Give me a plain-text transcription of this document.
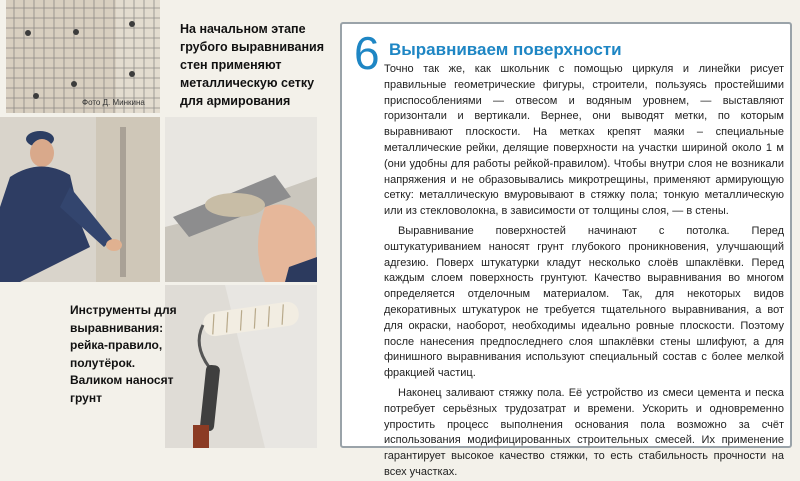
Фото Д. Минкина
На начальном этапе грубого выравнивания стен применяют металлическую сетку для армирования
Инструменты для выравнивания: рейка-правило, полутёрок. Валиком наносят грунт
6 Выравниваем поверхности

Точно так же, как школьник с помощью циркуля и линейки рисует правильные геометрические фигуры, строители, пользуясь простейшими приспособлениями — отвесом и водяным уровнем, — выставляют горизонтали и вертикали. Вернее, они выводят метки, по которым выравнивают плоскости. На метках крепят маяки – специальные металлические рейки, делящие поверхности на участки шириной около 1 м (они удобны для работы рейкой-правилом). Чтобы внутри слоя не возникали напряжения и не образовывались микротрещины, применяют армирующую сетку: металлическую вмуровывают в стяжку пола; тонкую металлическую или из стекловолокна, в зависимости от толщины слоя, — в стены.

Выравнивание поверхностей начинают с потолка. Перед оштукатуриванием наносят грунт глубокого проникновения, улучшающий адгезию. Поверх штукатурки кладут несколько слоёв шпаклёвки. Перед каждым слоем поверхность грунтуют. Качество выравнивания во многом определяется отделочным материалом. Так, для некоторых видов декоративных штукатурок не требуется тщательного выравнивания, а вот для окраски, наоборот, необходимы идеально ровные плоскости. Поэтому после нанесения предпоследнего слоя шпаклёвки стены шлифуют, а для финишного выравнивания используют специальный состав с более мелкой фракцией частиц.

Наконец заливают стяжку пола. Её устройство из смеси цемента и песка потребует серьёзных трудозатрат и времени. Ускорить и одновременно упростить процесс выполнения основания пола возможно за счёт использования модифицированных строительных смесей. Их применение гарантирует высокое качество стяжки, то есть стабильность прочности на всех участках.
